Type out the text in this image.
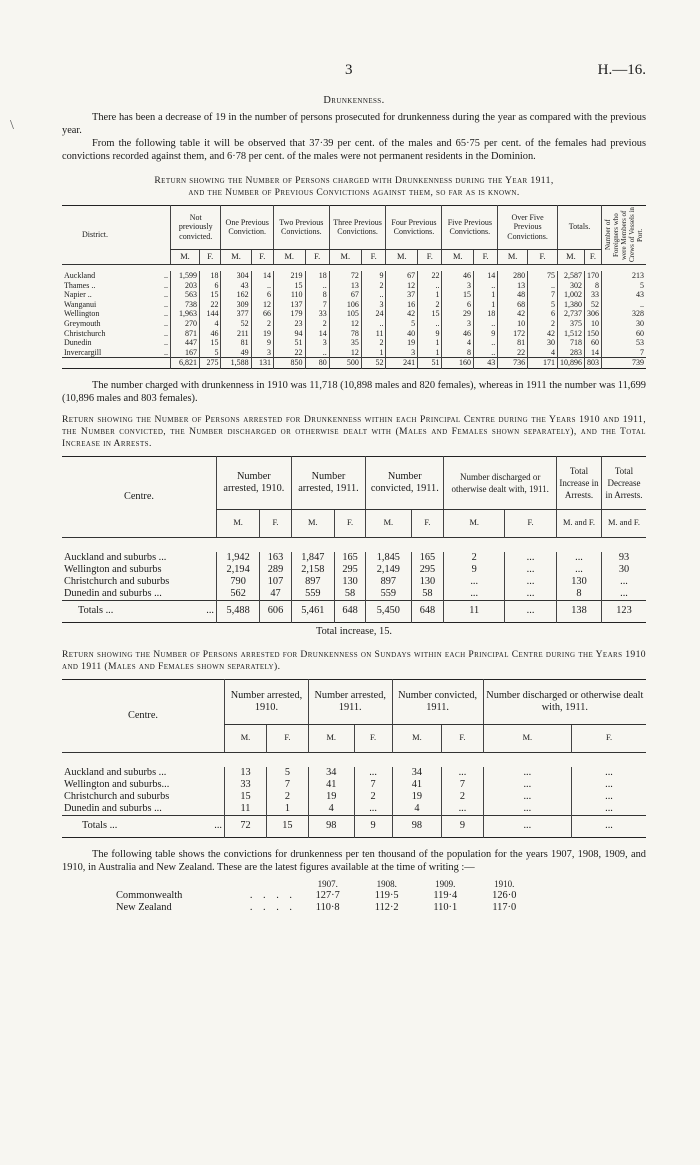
\
3	H.—16.
Drunkenness.

There has been a decrease of 19 in the number of persons prosecuted for drunkenness during the year as compared with the previous year.

From the following table it will be observed that 37·39 per cent. of the males and 65·75 per cent. of the females had previous convictions recorded against them, and 6·78 per cent. of the males were not permanent residents in the Dominion.

Return showing the Number of Persons charged with Drunkenness during the Year 1911,
and the Number of Previous Convictions against them, so far as is known.
District.	Not previously convicted.		One Previous Conviction.		Two Previous Convictions.		Three Previous Convictions.		Four Previous Convictions.		Five Previous Convictions.		Over Five Previous Convictions.		Totals.		Number of Foreigners who were Members of Crews of Vessels in Port.

	M.	F.	M.	F.	M.	F.	M.	F.	M.	F.	M.	F.	M.	F.	M.	F.	

Auckland ..	1,599	18	304	14	219	18	72	9	67	22	46	14	280	75	2,587	170	213
Thames .. ..	203	6	43	..	15	..	13	2	12	..	3	..	13	..	302	8	5
Napier .. ..	563	15	162	6	110	8	67	..	37	1	15	1	48	7	1,002	33	43
Wanganui ..	738	22	309	12	137	7	106	3	16	2	6	1	68	5	1,380	52	..
Wellington ..	1,963	144	377	66	179	33	105	24	42	15	29	18	42	6	2,737	306	328
Greymouth ..	270	4	52	2	23	2	12	..	5	..	3	..	10	2	375	10	30
Christchurch ..	871	46	211	19	94	14	78	11	40	9	46	9	172	42	1,512	150	60
Dunedin ..	447	15	81	9	51	3	35	2	19	1	4	..	81	30	718	60	53
Invercargill ..	167	5	49	3	22	..	12	1	3	1	8	..	22	4	283	14	7
	6,821	275	1,588	131	850	80	500	52	241	51	160	43	736	171	10,896	803	739

The number charged with drunkenness in 1910 was 11,718 (10,898 males and 820 females), whereas in 1911 the number was 11,699 (10,896 males and 803 females).

Return showing the Number of Persons arrested for Drunkenness within each Principal Centre during the Years 1910 and 1911, the Number convicted, the Number discharged or otherwise dealt with (Males and Females shown separately), and the Total Increase in Arrests.
Centre.	Number arrested, 1910.		Number arrested, 1911.		Number convicted, 1911.		Number discharged or otherwise dealt with, 1911.		Total Increase in Arrests.	Total Decrease in Arrests.
	M.	F.	M.	F.	M.	F.	M.	F.	M. and F.	M. and F.

Auckland and suburbs ...	1,942	163	1,847	165	1,845	165	2	...	...	93
Wellington and suburbs	2,194	289	2,158	295	2,149	295	9	...	...	30
Christchurch and suburbs	790	107	897	130	897	130	...	...	130	...
Dunedin and suburbs ...	562	47	559	58	559	58	...	...	8	...
Totals ... ...	5,488	606	5,461	648	5,450	648	11	...	138	123
Total increase, 15.
Return showing the Number of Persons arrested for Drunkenness on Sundays within each Principal Centre during the Years 1910 and 1911 (Males and Females shown separately).
Centre.	Number arrested, 1910.		Number arrested, 1911.		Number convicted, 1911.		Number discharged or otherwise dealt with, 1911.	
	M.	F.	M.	F.	M.	F.	M.	F.

Auckland and suburbs ...	13	5	34	...	34	...	...	...
Wellington and suburbs...	33	7	41	7	41	7	...	...
Christchurch and suburbs	15	2	19	2	19	2	...	...
Dunedin and suburbs ...	11	1	4	...	4	...	...	...
Totals ... ...	72	15	98	9	98	9	...	...

The following table shows the convictions for drunkenness per ten thousand of the population for the years 1907, 1908, 1909, and 1910, in Australia and New Zealand. These are the latest figures available at the time of writing :—

	1907.	1908.	1909.	1910.
Commonwealth . . . .	127·7	119·5	119·4	126·0
New Zealand . . . .	110·8	112·2	110·1	117·0
